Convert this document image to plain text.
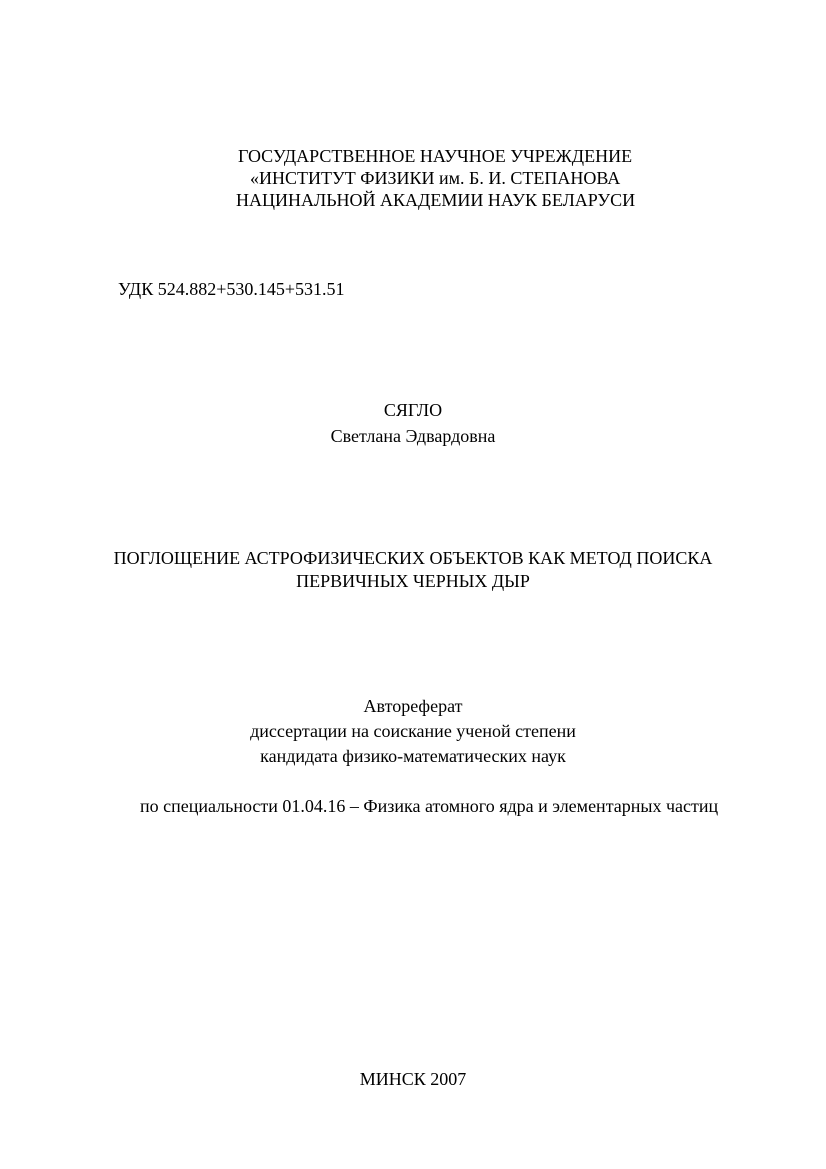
ГОСУДАРСТВЕННОЕ НАУЧНОЕ УЧРЕЖДЕНИЕ
«ИНСТИТУТ ФИЗИКИ им. Б. И. СТЕПАНОВА
НАЦИНАЛЬНОЙ АКАДЕМИИ НАУК БЕЛАРУСИ
УДК 524.882+530.145+531.51
СЯГЛО
Светлана Эдвардовна
ПОГЛОЩЕНИЕ АСТРОФИЗИЧЕСКИХ ОБЪЕКТОВ КАК МЕТОД ПОИСКА
ПЕРВИЧНЫХ ЧЕРНЫХ ДЫР
Автореферат
диссертации на соискание ученой степени
кандидата физико-математических наук
по специальности 01.04.16 – Физика атомного ядра и элементарных частиц
МИНСК 2007
